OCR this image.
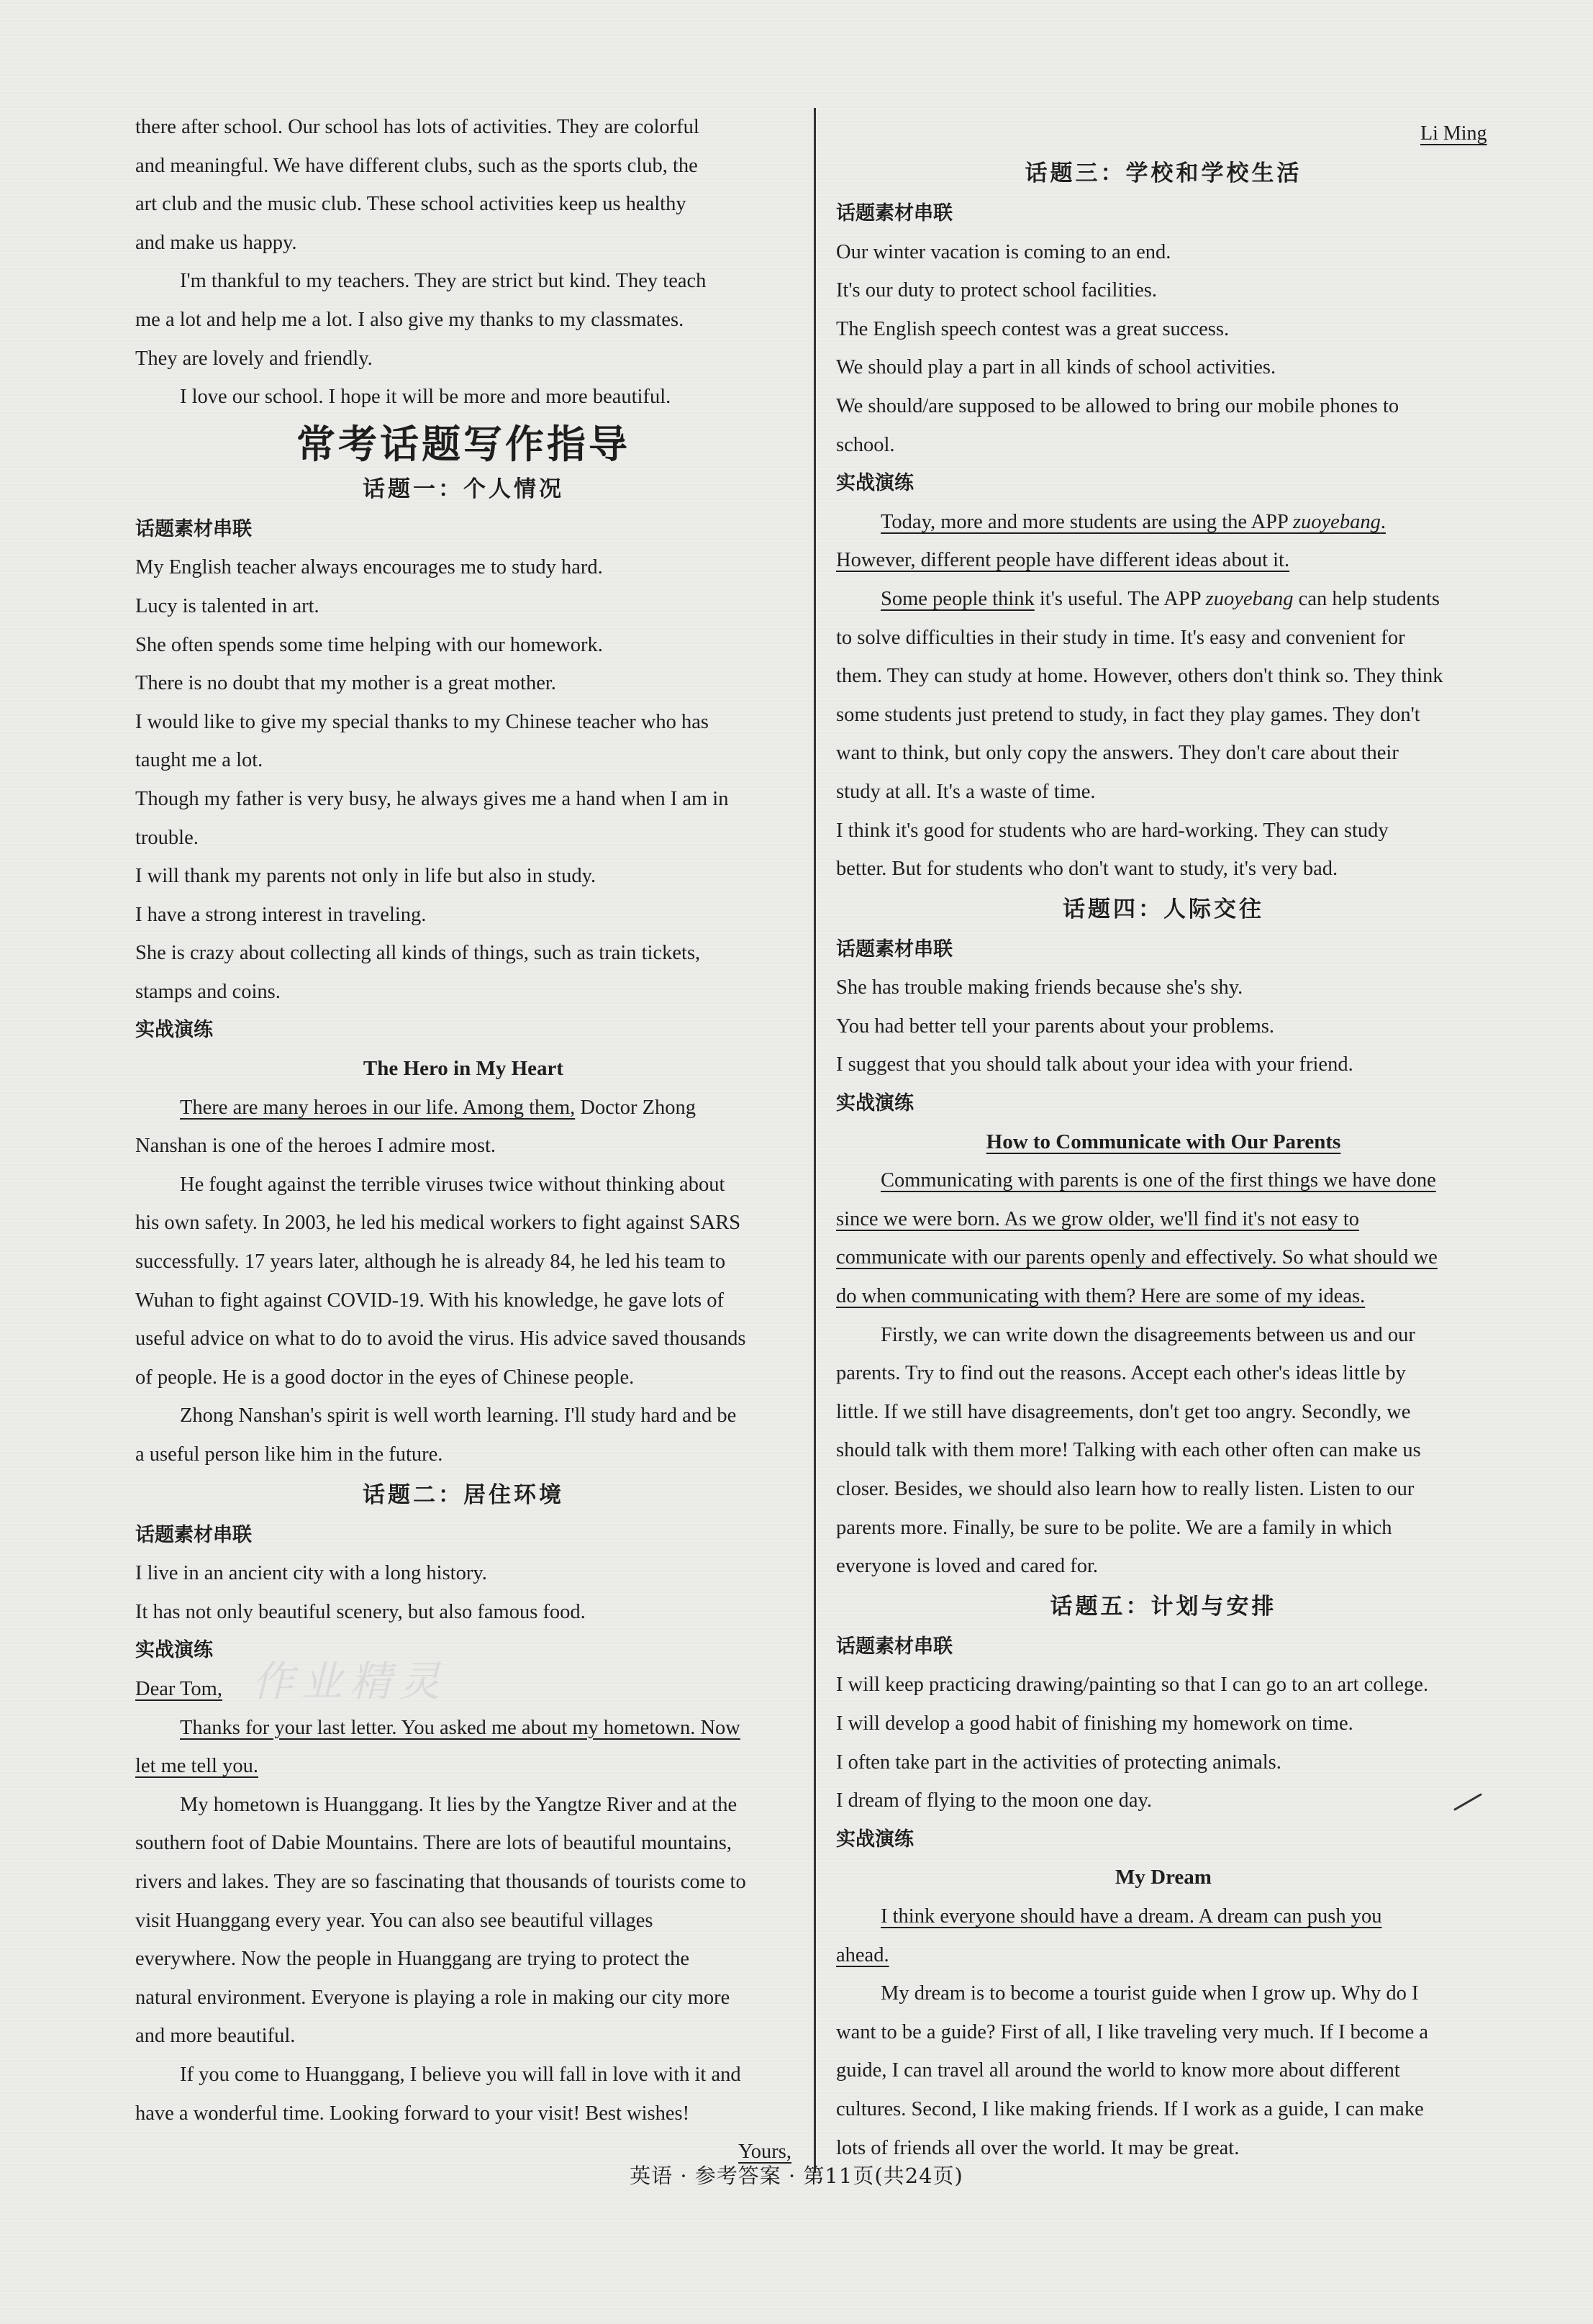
作业精灵
Li Ming

there after school. Our school has lots of activities. They are colorful
and meaningful. We have different clubs, such as the sports club, the
art club and the music club. These school activities keep us healthy
and make us happy.

I'm thankful to my teachers. They are strict but kind. They teach
me a lot and help me a lot. I also give my thanks to my classmates.
They are lovely and friendly.

I love our school. I hope it will be more and more beautiful.

常考话题写作指导
话题一：个人情况
话题素材串联

My English teacher always encourages me to study hard.
Lucy is talented in art.
She often spends some time helping with our homework.
There is no doubt that my mother is a great mother.
I would like to give my special thanks to my Chinese teacher who has
taught me a lot.
Though my father is very busy, he always gives me a hand when I am in
trouble.
I will thank my parents not only in life but also in study.
I have a strong interest in traveling.
She is crazy about collecting all kinds of things, such as train tickets,
stamps and coins.

实战演练
The Hero in My Heart

There are many heroes in our life. Among them, Doctor Zhong
Nanshan is one of the heroes I admire most.

He fought against the terrible viruses twice without thinking about
his own safety. In 2003, he led his medical workers to fight against SARS
successfully. 17 years later, although he is already 84, he led his team to
Wuhan to fight against COVID-19. With his knowledge, he gave lots of
useful advice on what to do to avoid the virus. His advice saved thousands
of people. He is a good doctor in the eyes of Chinese people.

Zhong Nanshan's spirit is well worth learning. I'll study hard and be
a useful person like him in the future.

话题二：居住环境
话题素材串联

I live in an ancient city with a long history.
It has not only beautiful scenery, but also famous food.

实战演练

Dear Tom,

Thanks for your last letter. You asked me about my hometown. Now
let me tell you.

My hometown is Huanggang. It lies by the Yangtze River and at the
southern foot of Dabie Mountains. There are lots of beautiful mountains,
rivers and lakes. They are so fascinating that thousands of tourists come to
visit Huanggang every year. You can also see beautiful villages
everywhere. Now the people in Huanggang are trying to protect the
natural environment. Everyone is playing a role in making our city more
and more beautiful.

If you come to Huanggang, I believe you will fall in love with it and
have a wonderful time. Looking forward to your visit! Best wishes!

Yours,

话题三：学校和学校生活
话题素材串联

Our winter vacation is coming to an end.
It's our duty to protect school facilities.
The English speech contest was a great success.
We should play a part in all kinds of school activities.
We should/are supposed to be allowed to bring our mobile phones to
school.

实战演练

Today, more and more students are using the APP zuoyebang.
However, different people have different ideas about it.

Some people think it's useful. The APP zuoyebang can help students
to solve difficulties in their study in time. It's easy and convenient for
them. They can study at home. However, others don't think so. They think
some students just pretend to study, in fact they play games. They don't
want to think, but only copy the answers. They don't care about their
study at all. It's a waste of time.

I think it's good for students who are hard-working. They can study
better. But for students who don't want to study, it's very bad.

话题四：人际交往
话题素材串联

She has trouble making friends because she's shy.
You had better tell your parents about your problems.
I suggest that you should talk about your idea with your friend.

实战演练
How to Communicate with Our Parents

Communicating with parents is one of the first things we have done
since we were born. As we grow older, we'll find it's not easy to
communicate with our parents openly and effectively. So what should we
do when communicating with them? Here are some of my ideas.

Firstly, we can write down the disagreements between us and our
parents. Try to find out the reasons. Accept each other's ideas little by
little. If we still have disagreements, don't get too angry. Secondly, we
should talk with them more! Talking with each other often can make us
closer. Besides, we should also learn how to really listen. Listen to our
parents more. Finally, be sure to be polite. We are a family in which
everyone is loved and cared for.

话题五：计划与安排
话题素材串联

I will keep practicing drawing/painting so that I can go to an art college.
I will develop a good habit of finishing my homework on time.
I often take part in the activities of protecting animals.
I dream of flying to the moon one day.

实战演练
My Dream

I think everyone should have a dream. A dream can push you
ahead.

My dream is to become a tourist guide when I grow up. Why do I
want to be a guide? First of all, I like traveling very much. If I become a
guide, I can travel all around the world to know more about different
cultures. Second, I like making friends. If I work as a guide, I can make
lots of friends all over the world. It may be great.

英语 · 参考答案 · 第11页(共24页)
